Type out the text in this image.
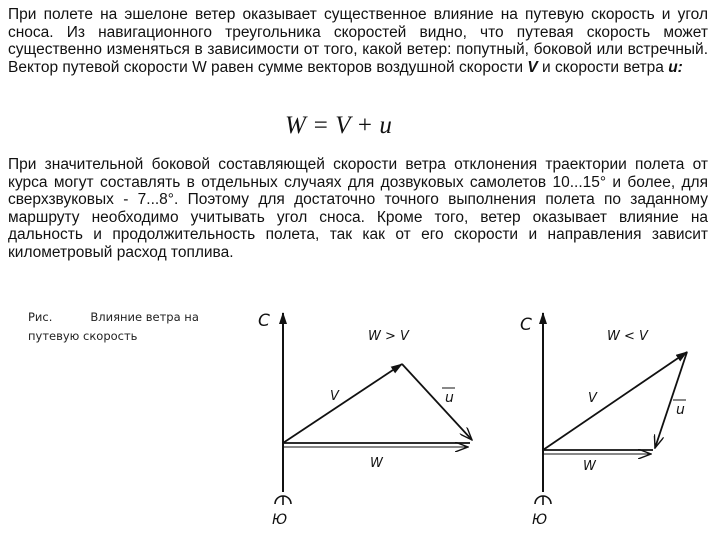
При полете на эшелоне ветер оказывает существенное влияние на путевую скорость и угол сноса. Из навигационного треугольника скоростей видно, что путевая скорость может существенно изменяться в зависимости от того, какой ветер: попутный, боковой или встречный. Вектор путевой скорости W равен сумме векторов воздушной скорости V и скорости ветра u:

W = V + u

При значительной боковой составляющей скорости ветра отклонения траектории полета от курса могут составлять в отдельных случаях для дозвуковых самолетов 10...15° и более, для сверхзвуковых - 7...8°. Поэтому для достаточно точного выполнения полета по заданному маршруту необходимо учитывать угол сноса. Кроме того, ветер оказывает влияние на дальность и продолжительность полета, так как от его скорости и направления зависит километровый расход топлива.

Рис.	Влияние ветра на
путевую скорость
С
Ю
W > V
V	u
W
С
Ю
W < V
V
u
W
